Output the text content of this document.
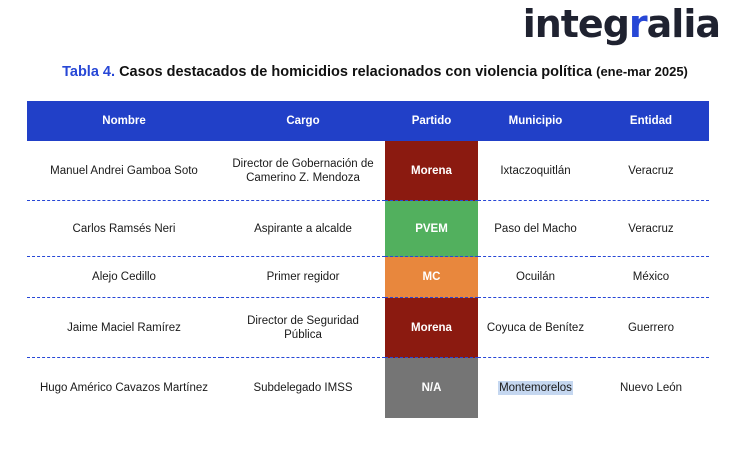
integralia
Tabla 4. Casos destacados de homicidios relacionados con violencia política (ene-mar 2025)
Nombre	Cargo	Partido	Municipio	Entidad
Manuel Andrei Gamboa Soto	Director de Gobernación de Camerino Z. Mendoza	Morena	Ixtaczoquitlán	Veracruz
Carlos Ramsés Neri	Aspirante a alcalde	PVEM	Paso del Macho	Veracruz
Alejo Cedillo	Primer regidor	MC	Ocuilán	México
Jaime Maciel Ramírez	Director de Seguridad Pública	Morena	Coyuca de Benítez	Guerrero
Hugo Américo Cavazos Martínez	Subdelegado IMSS	N/A	Montemorelos	Nuevo León
